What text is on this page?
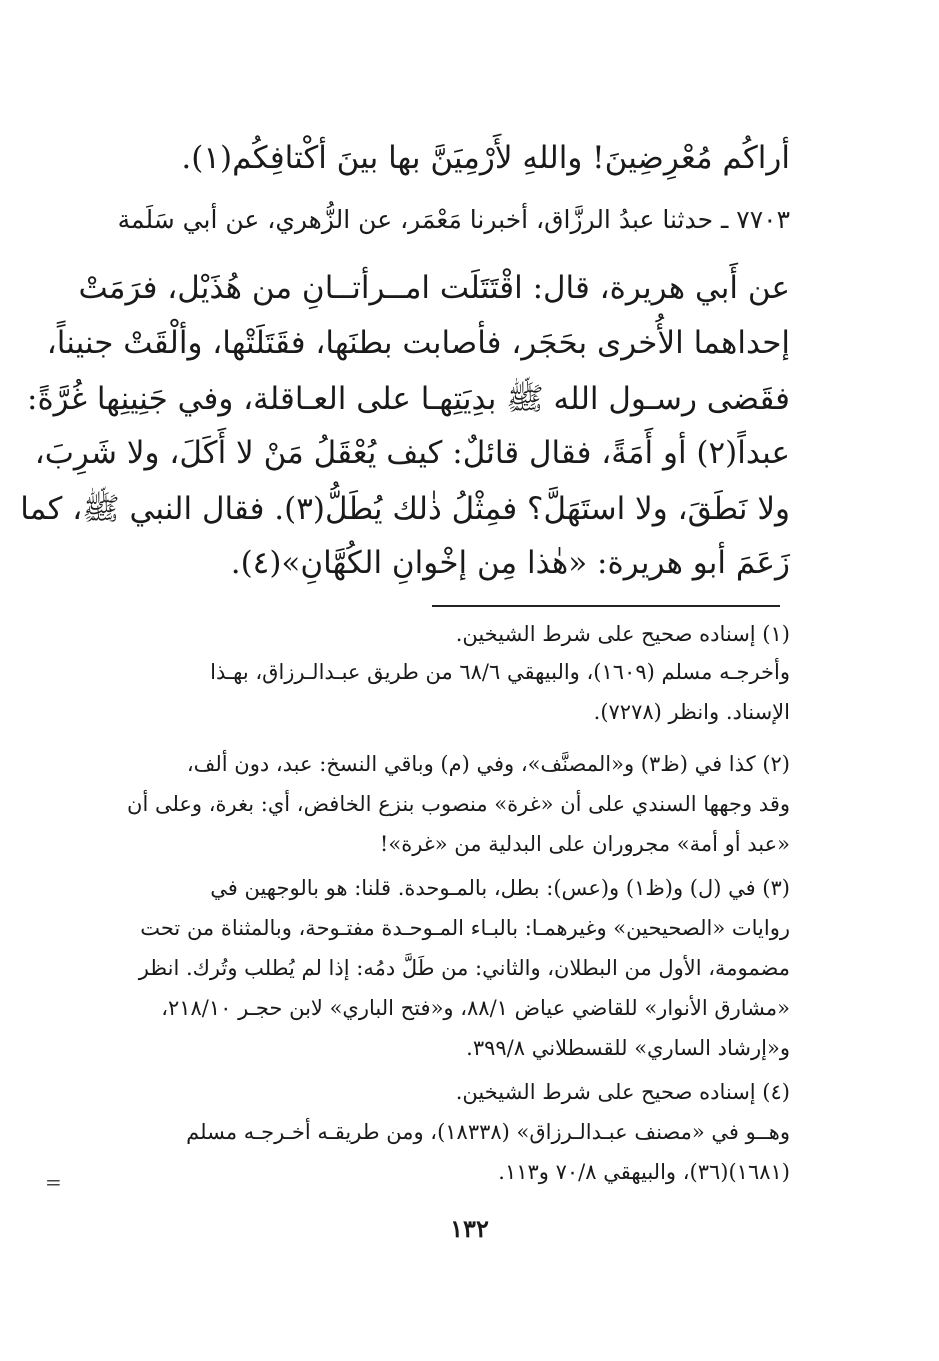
أراكُم مُعْرِضِينَ! واللهِ لأَرْمِيَنَّ بها بينَ أكْتافِكُم(١).
٧٧٠٣ ـ حدثنا عبدُ الرزَّاق، أخبرنا مَعْمَر، عن الزُّهري، عن أبي سَلَمة
عن أَبي هريرة، قال: اقْتَتَلَت امــرأتــانِ من هُذَيْل، فرَمَتْ
إحداهما الأُخرى بحَجَر، فأصابت بطنَها، فقَتَلَتْها، وألْقَتْ جنيناً،
فقَضى رسـول الله ﷺ بدِيَتِهـا على العـاقلة، وفي جَنِينِها غُرَّةً:
عبداً(٢) أو أَمَةً، فقال قائلٌ: كيف يُعْقَلُ مَنْ لا أَكَلَ، ولا شَرِبَ،
ولا نَطَقَ، ولا استَهَلَّ؟ فمِثْلُ ذٰلك يُطَلُّ(٣). فقال النبي ﷺ، كما
زَعَمَ أبو هريرة: «هٰذا مِن إخْوانِ الكُهَّانِ»(٤).
(١) إسناده صحيح على شرط الشيخين.
وأخرجـه مسلم (١٦٠٩)، والبيهقي ٦٨/٦ من طريق عبـدالـرزاق، بهـذا
الإسناد. وانظر (٧٢٧٨).
(٢) كذا في (ظ٣) و«المصنَّف»، وفي (م) وباقي النسخ: عبد، دون ألف،
وقد وجهها السندي على أن «غرة» منصوب بنزع الخافض، أي: بغرة، وعلى أن
«عبد أو أمة» مجروران على البدلية من «غرة»!
(٣) في (ل) و(ظ١) و(عس): بطل، بالمـوحدة. قلنا: هو بالوجهين في
روايات «الصحيحين» وغيرهمـا: بالبـاء المـوحـدة مفتـوحة، وبالمثناة من تحت
مضمومة، الأول من البطلان، والثاني: من طَلَّ دمُه: إذا لم يُطلب وتُرك. انظر
«مشارق الأنوار» للقاضي عياض ٨٨/١، و«فتح الباري» لابن حجـر ٢١٨/١٠،
و«إرشاد الساري» للقسطلاني ٣٩٩/٨.
(٤) إسناده صحيح على شرط الشيخين.
وهــو في «مصنف عبـدالـرزاق» (١٨٣٣٨)، ومن طريقـه أخـرجـه مسلم
(١٦٨١)(٣٦)، والبيهقي ٧٠/٨ و١١٣.
=
١٣٢
